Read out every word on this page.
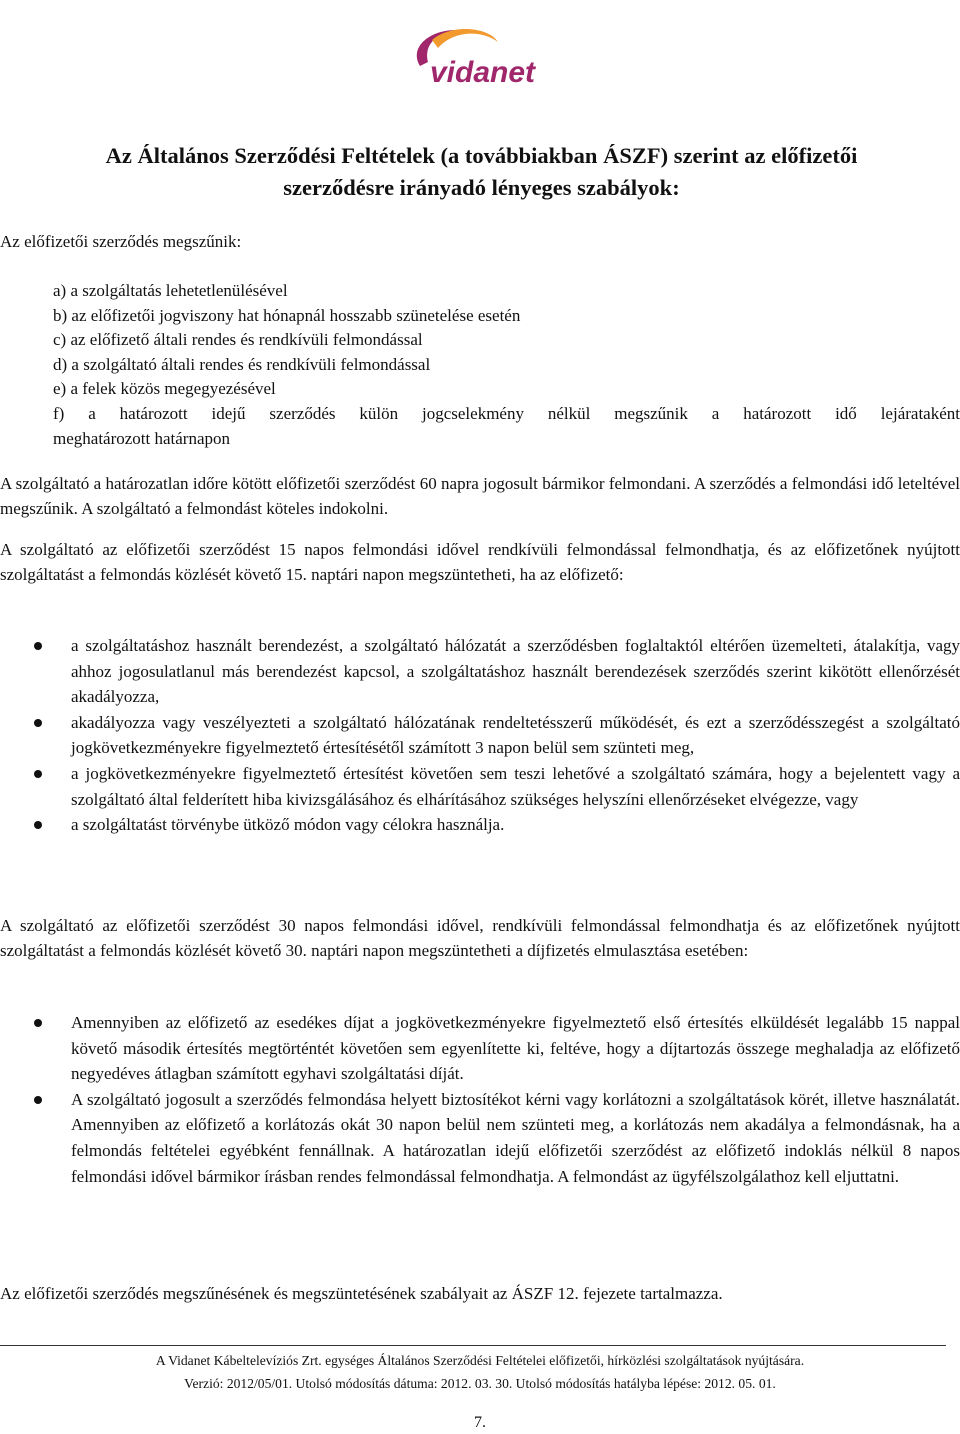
vidanet
Az Általános Szerződési Feltételek (a továbbiakban ÁSZF) szerint az előfizetői
szerződésre irányadó lényeges szabályok:

Az előfizetői szerződés megszűnik:

a) a szolgáltatás lehetetlenülésével
b) az előfizetői jogviszony hat hónapnál hosszabb szünetelése esetén
c) az előfizető általi rendes és rendkívüli felmondással
d) a szolgáltató általi rendes és rendkívüli felmondással
e) a felek közös megegyezésével
f) a határozott idejű szerződés külön jogcselekmény nélkül megszűnik a határozott idő lejárataként
meghatározott határnapon

A szolgáltató a határozatlan időre kötött előfizetői szerződést 60 napra jogosult bármikor felmondani. A szerződés a felmondási idő leteltével megszűnik. A szolgáltató a felmondást köteles indokolni.

A szolgáltató az előfizetői szerződést 15 napos felmondási idővel rendkívüli felmondással felmondhatja, és az előfizetőnek nyújtott szolgáltatást a felmondás közlését követő 15. naptári napon megszüntetheti, ha az előfizető:

a szolgáltatáshoz használt berendezést, a szolgáltató hálózatát a szerződésben foglaltaktól eltérően üzemelteti, átalakítja, vagy ahhoz jogosulatlanul más berendezést kapcsol, a szolgáltatáshoz használt berendezések szerződés szerint kikötött ellenőrzését akadályozza,
akadályozza vagy veszélyezteti a szolgáltató hálózatának rendeltetésszerű működését, és ezt a szerződésszegést a szolgáltató jogkövetkezményekre figyelmeztető értesítésétől számított 3 napon belül sem szünteti meg,
a jogkövetkezményekre figyelmeztető értesítést követően sem teszi lehetővé a szolgáltató számára, hogy a bejelentett vagy a szolgáltató által felderített hiba kivizsgálásához és elhárításához szükséges helyszíni ellenőrzéseket elvégezze, vagy
a szolgáltatást törvénybe ütköző módon vagy célokra használja.

A szolgáltató az előfizetői szerződést 30 napos felmondási idővel, rendkívüli felmondással felmondhatja és az előfizetőnek nyújtott szolgáltatást a felmondás közlését követő 30. naptári napon megszüntetheti a díjfizetés elmulasztása esetében:

Amennyiben az előfizető az esedékes díjat a jogkövetkezményekre figyelmeztető első értesítés elküldését legalább 15 nappal követő második értesítés megtörténtét követően sem egyenlítette ki, feltéve, hogy a díjtartozás összege meghaladja az előfizető negyedéves átlagban számított egyhavi szolgáltatási díját.
A szolgáltató jogosult a szerződés felmondása helyett biztosítékot kérni vagy korlátozni a szolgáltatások körét, illetve használatát. Amennyiben az előfizető a korlátozás okát 30 napon belül nem szünteti meg, a korlátozás nem akadálya a felmondásnak, ha a felmondás feltételei egyébként fennállnak. A határozatlan idejű előfizetői szerződést az előfizető indoklás nélkül 8 napos felmondási idővel bármikor írásban rendes felmondással felmondhatja. A felmondást az ügyfélszolgálathoz kell eljuttatni.

Az előfizetői szerződés megszűnésének és megszüntetésének szabályait az ÁSZF 12. fejezete tartalmazza.

A Vidanet Kábeltelevíziós Zrt. egységes Általános Szerződési Feltételei előfizetői, hírközlési szolgáltatások nyújtására.

Verzió: 2012/05/01. Utolsó módosítás dátuma: 2012. 03. 30. Utolsó módosítás hatályba lépése: 2012. 05. 01.

7.
